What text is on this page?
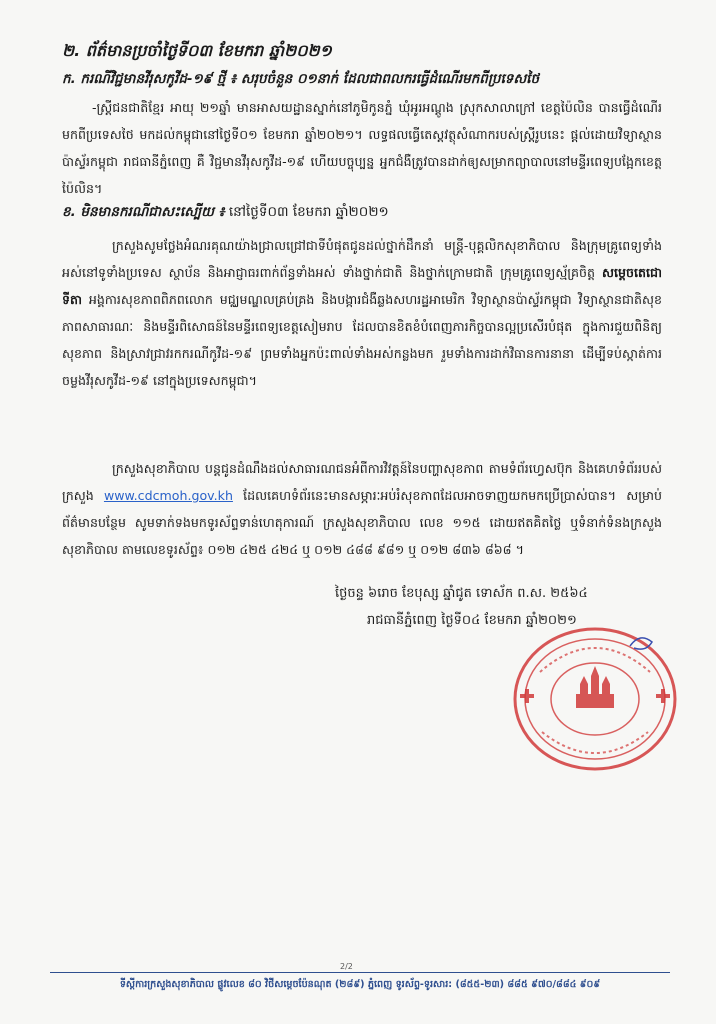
២. ព័ត៌មានប្រចាំថ្ងៃទី០៣ ខែមករា ឆ្នាំ២០២១
ក. ករណីវិជ្ជមានវីរុសកូវីដ-១៩ ថ្មី ៖ សរុបចំនួន ០១នាក់ ដែលជាពលករធ្វើដំណើរមកពីប្រទេសថៃ
-ស្ត្រីជនជាតិខ្មែរ អាយុ ២១ឆ្នាំ មានអាសយដ្ឋានស្នាក់នៅភូមិកូនភ្នំ ឃុំអូរអណ្តូង ស្រុកសាលាក្រៅ ខេត្តប៉ៃលិន បានធ្វើដំណើរមកពីប្រទេសថៃ មកដល់កម្ពុជានៅថ្ងៃទី០១ ខែមករា ឆ្នាំ២០២១។ លទ្ធផលធ្វើតេស្តវត្ថុសំណាករបស់ស្ត្រីរូបនេះ ផ្តល់ដោយវិទ្យាស្ថានប៉ាស្ទ័រកម្ពុជា រាជធានីភ្នំពេញ គឺ វិជ្ជមានវីរុសកូវីដ-១៩ ហើយបច្ចុប្បន្ន អ្នកជំងឺត្រូវបានដាក់ឲ្យសម្រាកព្យាបាលនៅមន្ទីរពេទ្យបង្អែកខេត្តប៉ៃលិន។
ខ. មិនមានករណីជាសះស្បើយ ៖ នៅថ្ងៃទី០៣ ខែមករា ឆ្នាំ២០២១
ក្រសួងសូមថ្លែងអំណរគុណយ៉ាងជ្រាលជ្រៅជាទីបំផុតជូនដល់ថ្នាក់ដឹកនាំ មន្ត្រី-បុគ្គលិកសុខាភិបាល និងក្រុមគ្រូពេទ្យទាំងអស់នៅទូទាំងប្រទេស ស្ថាប័ន និងអាជ្ញាធរពាក់ព័ន្ធទាំងអស់ ទាំងថ្នាក់ជាតិ និងថ្នាក់ក្រោមជាតិ ក្រុមគ្រូពេទ្យស្ម័គ្រចិត្ត សម្តេចតេជោ ទីតា អង្គការសុខភាពពិភពលោក មជ្ឈមណ្ឌលគ្រប់គ្រង និងបង្ការជំងឺឆ្លងសហរដ្ឋអាមេរិក វិទ្យាស្ថានប៉ាស្ទ័រកម្ពុជា វិទ្យាស្ថានជាតិសុខភាពសាធារណៈ និងមន្ទីរពិសោធន៍នៃមន្ទីរពេទ្យខេត្តសៀមរាប ដែលបានខិតខំបំពេញភារកិច្ចបានល្អប្រសើរបំផុត ក្នុងការជួយពិនិត្យសុខភាព និងស្រាវជ្រាវរកករណីកូវីដ-១៩ ព្រមទាំងអ្នកប៉ះពាល់ទាំងអស់កន្លងមក រួមទាំងការដាក់វិធានការនានា ដើម្បីទប់ស្កាត់ការចម្លងវីរុសកូវីដ-១៩ នៅក្នុងប្រទេសកម្ពុជា។
ក្រសួងសុខាភិបាល បន្តជូនដំណឹងដល់សាធារណជនអំពីការវិវត្តន៍នៃបញ្ហាសុខភាព តាមទំព័រហ្វេសប៊ុក និងគេហទំព័ររបស់ក្រសួង www.cdcmoh.gov.kh ដែលគេហទំព័រនេះមានសម្ភារៈអប់រំសុខភាពដែលអាចទាញយកមកប្រើប្រាស់បាន។ សម្រាប់ព័ត៌មានបន្ថែម សូមទាក់ទងមកទូរស័ព្ទទាន់ហេតុការណ៍ ក្រសួងសុខាភិបាល លេខ ១១៥ ដោយឥតគិតថ្លៃ ឬទំនាក់ទំនងក្រសួងសុខាភិបាល តាមលេខទូរស័ព្ទ៖ ០១២ ៤២៥ ៤២៤ ឬ ០១២ ៤៨៨ ៩៨១ ឬ ០១២ ៨៣៦ ៨៦៨ ។
ថ្ងៃចន្ទ ៦រោច ខែបុស្ស ឆ្នាំជូត ទោស័ក ព.ស. ២៥៦៤
រាជធានីភ្នំពេញ ថ្ងៃទី០៤ ខែមករា ឆ្នាំ២០២១
2/2
ទីស្តីការក្រសួងសុខាភិបាល ផ្លូវលេខ ៨០ វិថីសម្តេចប៉ែនណុត (២៨៩) ភ្នំពេញ ទូរស័ព្ទ-ទូរសារ: (៨៥៥-២៣) ៨៨៥ ៩៧០/៨៨៤ ៩០៩
